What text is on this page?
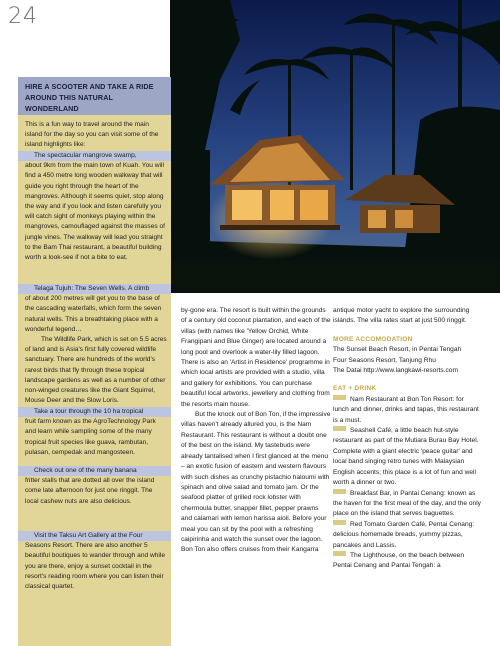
24
HIRE A SCOOTER AND TAKE A RIDE AROUND THIS NATURAL WONDERLAND
This is a fun way to travel around the main island for the day so you can visit some of the island highlights like:
The spectacular mangrove swamp,
about 9km from the main town of Kuah. You will find a 450 metre long wooden walkway that will guide you right through the heart of the mangroves. Although it seems quiet, stop along the way and if you look and listen carefully you will catch sight of monkeys playing within the mangroves, camouflaged against the masses of jungle vines. The walkway will lead you straight to the Bam Thai restaurant, a beautiful building worth a look-see if not a bite to eat.
Telaga Tujuh: The Seven Wells. A climb
of about 200 metres will get you to the base of the cascading waterfalls, which form the seven natural wells. This a breathtaking place with a wonderful legend…
The Wildlife Park, which is set on 5.5 acres of land and is Asia's first fully covered wildlife sanctuary. There are hundreds of the world's rarest birds that fly through these tropical landscape gardens as well as a number of other non-winged creatures like the Giant Squirrel, Mouse Deer and the Slow Loris.
Take a tour through the 10 ha tropical
fruit farm known as the AgroTechnology Park and learn while sampling some of the many tropical fruit species like guava, rambutan, pulasan, cempedak and mangosteen.
Check out one of the many banana
fritter stalls that are dotted all over the island come late afternoon for just one ringgit. The local cashew nuts are also delicious.
Visit the Taksu Art Gallery at the Four
Seasons Resort. There are also another 5 beautiful boutiques to wander through and while you are there, enjoy a sunset cocktail in the resort's reading room where you can listen their classical quartet.

by-gone era. The resort is built within the grounds of a century old coconut plantation, and each of the villas (with names like 'Yellow Orchid, White Frangipani and Blue Ginger) are located around a long pool and overlook a water-lily filled lagoon. There is also an 'Artist in Residence' programme in which local artists are provided with a studio, villa and gallery for exhibitions. You can purchase beautiful local artworks, jewellery and clothing from the resorts main house.

But the knock out of Bon Ton, if the impressive villas haven't already allured you, is the Nam Restaurant. This restaurant is without a doubt one of the best on the island. My tastebuds were already tantalised when I first glanced at the menu – an exotic fusion of eastern and western flavours with such dishes as crunchy pistachio haloumi with spinach and olive salad and tomato jam. Or the seafood platter of grilled rock lobster with chermoula butter, snapper fillet, pepper prawns and calamari with lemon harissa aioli. Before your meal you can sit by the pool with a refreshing caipirinha and watch the sunset over the lagoon. Bon Ton also offers cruises from their Kangarra

antique motor yacht to explore the surrounding islands. The villa rates start at just 500 ringgit.

MORE ACCOMODATION

The Sunset Beach Resort, in Pentai Tengah

Four Seasons Resort, Tanjung Rhu

The Datai http://www.langkawi-resorts.com

EAT + DRINK

Nam Restaurant at Bon Ton Resort: for lunch and dinner, drinks and tapas, this restaurant is a must.

Seashell Café, a little beach hut-style restaurant as part of the Mutiara Burau Bay Hotel. Complete with a giant electric 'peace guitar' and local band singing retro tunes with Malaysian English accents; this place is a lot of fun and well worth a dinner or two.

Breakfast Bar, in Pantai Cenang: known as the haven for the first meal of the day, and the only place on the island that serves baguettes.

Red Tomato Garden Café, Pentai Cenang: delicious homemade breads, yummy pizzas, pancakes and Lassis.

The Lighthouse, on the beach between Pentai Cenang and Pantai Tengah: a
